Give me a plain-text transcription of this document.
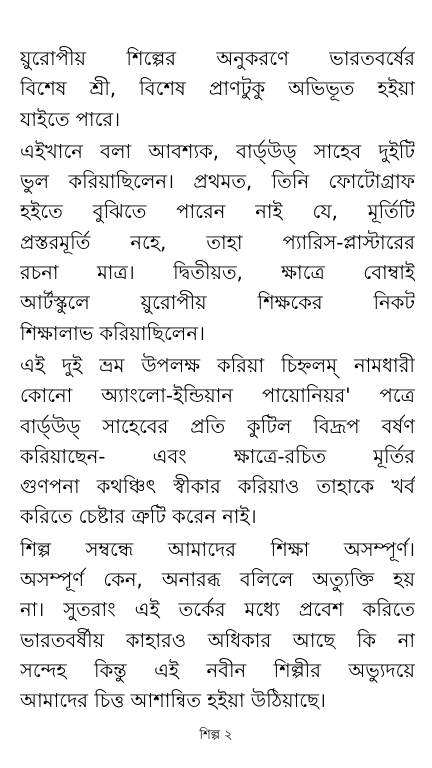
য়ুরোপীয় শিল্পের অনুকরণে ভারতবর্ষের
বিশেষ শ্রী, বিশেষ প্রাণটুকু অভিভূত হইয়া
যাইতে পারে।
এইখানে বলা আবশ্যক, বার্ড্উড্ সাহেব দুইটি
ভুল করিয়াছিলেন। প্রথমত, তিনি ফোটোগ্রাফ
হইতে বুঝিতে পারেন নাই যে, মূর্তিটি
প্রস্তরমূর্তি নহে, তাহা প্যারিস-প্লাস্টারের
রচনা মাত্র। দ্বিতীয়ত, ক্ষাত্রে বোম্বাই
আর্টস্কুলে য়ুরোপীয় শিক্ষকের নিকট
শিক্ষালাভ করিয়াছিলেন।
এই দুই ভ্রম উপলক্ষ করিয়া চিহ্নলম্ নামধারী
কোনো অ্যাংলো-ইন্ডিয়ান পায়োনিয়র' পত্রে
বার্ড্উড্ সাহেবের প্রতি কুটিল বিদ্রূপ বর্ষণ
করিয়াছেন- এবং ক্ষাত্রে-রচিত মূর্তির
গুণপনা কথঞ্চিৎ স্বীকার করিয়াও তাহাকে খর্ব
করিতে চেষ্টার ত্রুটি করেন নাই।
শিল্প সম্বন্ধে আমাদের শিক্ষা অসম্পূর্ণ।
অসম্পূর্ণ কেন, অনারব্ধ বলিলে অত্যুক্তি হয়
না। সুতরাং এই তর্কের মধ্যে প্রবেশ করিতে
ভারতবর্ষীয় কাহারও অধিকার আছে কি না
সন্দেহ কিন্তু এই নবীন শিল্পীর অভ্যুদয়ে
আমাদের চিত্ত আশান্বিত হইয়া উঠিয়াছে।
শিল্প ২
